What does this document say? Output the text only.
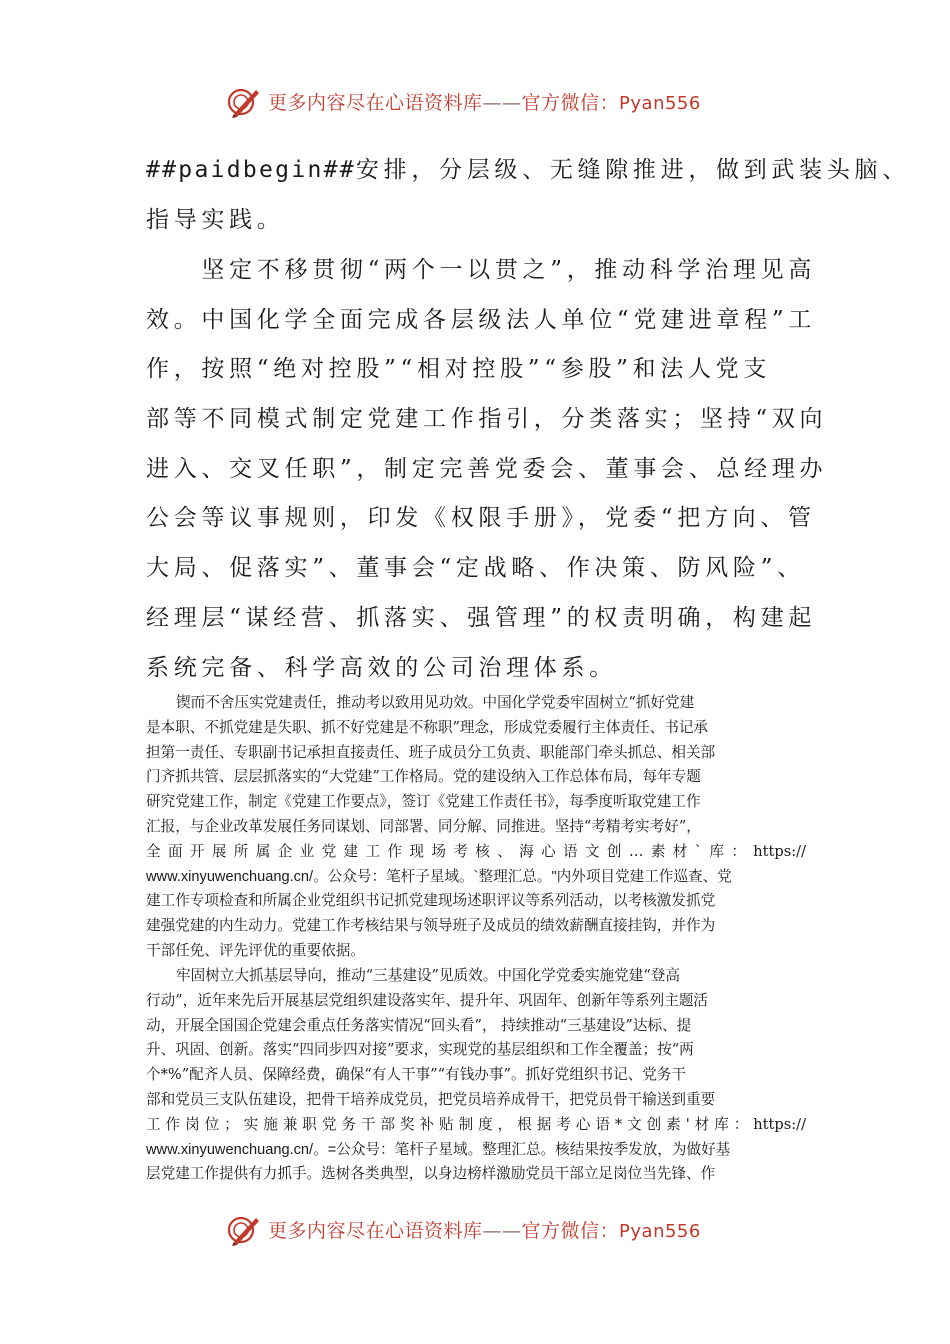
更多内容尽在心语资料库——官方微信：Pyan556
##paidbegin##安排，分层级、无缝隙推进，做到武装头脑、
指导实践。
　　坚定不移贯彻“两个一以贯之”，推动科学治理见高
效。中国化学全面完成各层级法人单位“党建进章程”工
作，按照“绝对控股”“相对控股”“参股”和法人党支
部等不同模式制定党建工作指引，分类落实；坚持“双向
进入、交叉任职”，制定完善党委会、董事会、总经理办
公会等议事规则，印发《权限手册》，党委“把方向、管
大局、促落实”、董事会“定战略、作决策、防风险”、
经理层“谋经营、抓落实、强管理”的权责明确，构建起
系统完备、科学高效的公司治理体系。
锲而不舍压实党建责任，推动考以致用见功效。中国化学党委牢固树立“抓好党建
是本职、不抓党建是失职、抓不好党建是不称职”理念，形成党委履行主体责任、书记承
担第一责任、专职副书记承担直接责任、班子成员分工负责、职能部门牵头抓总、相关部
门齐抓共管、层层抓落实的“大党建”工作格局。党的建设纳入工作总体布局，每年专题
研究党建工作，制定《党建工作要点》，签订《党建工作责任书》，每季度听取党建工作
汇报，与企业改革发展任务同谋划、同部署、同分解、同推进。坚持“考精考实考好”，
全面开展所属企业党建工作现场考核、海心语文创…素材`库：https://
www.xinyuwenchuang.cn/。公众号：笔杆子星域。`整理汇总。"内外项目党建工作巡查、党
建工作专项检查和所属企业党组织书记抓党建现场述职评议等系列活动，以考核激发抓党
建强党建的内生动力。党建工作考核结果与领导班子及成员的绩效薪酬直接挂钩，并作为
干部任免、评先评优的重要依据。
牢固树立大抓基层导向，推动“三基建设”见质效。中国化学党委实施党建“登高
行动”，近年来先后开展基层党组织建设落实年、提升年、巩固年、创新年等系列主题活
动，开展全国国企党建会重点任务落实情况“回头看”， 持续推动“三基建设”达标、提
升、巩固、创新。落实“四同步四对接”要求，实现党的基层组织和工作全覆盖；按“两
个*%”配齐人员、保障经费，确保“有人干事”“有钱办事”。抓好党组织书记、党务干
部和党员三支队伍建设，把骨干培养成党员，把党员培养成骨干，把党员骨干输送到重要
工作岗位；实施兼职党务干部奖补贴制度，根据考心语*文创素'材库：https://
www.xinyuwenchuang.cn/。=公众号：笔杆子星域。整理汇总。核结果按季发放，为做好基
层党建工作提供有力抓手。选树各类典型，以身边榜样激励党员干部立足岗位当先锋、作
更多内容尽在心语资料库——官方微信：Pyan556
